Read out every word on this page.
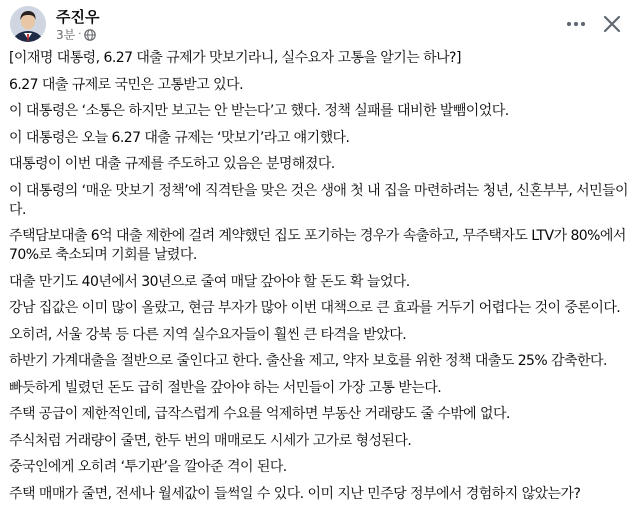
주진우
3분 ·

[이재명 대통령, 6.27 대출 규제가 맛보기라니, 실수요자 고통을 알기는 하나?]

6.27 대출 규제로 국민은 고통받고 있다.

이 대통령은 ‘소통은 하지만 보고는 안 받는다’고 했다. 정책 실패를 대비한 발뺌이었다.

이 대통령은 오늘 6.27 대출 규제는 ‘맛보기’라고 얘기했다.

대통령이 이번 대출 규제를 주도하고 있음은 분명해졌다.

이 대통령의 ‘매운 맛보기 정책’에 직격탄을 맞은 것은 생애 첫 내 집을 마련하려는 청년, 신혼부부, 서민들이다.

주택담보대출 6억 대출 제한에 걸려 계약했던 집도 포기하는 경우가 속출하고, 무주택자도 LTV가 80%에서 70%로 축소되며 기회를 날렸다.

대출 만기도 40년에서 30년으로 줄여 매달 갚아야 할 돈도 확 늘었다.

강남 집값은 이미 많이 올랐고, 현금 부자가 많아 이번 대책으로 큰 효과를 거두기 어렵다는 것이 중론이다.

오히려, 서울 강북 등 다른 지역 실수요자들이 훨씬 큰 타격을 받았다.

하반기 가계대출을 절반으로 줄인다고 한다. 출산율 제고, 약자 보호를 위한 정책 대출도 25% 감축한다.

빠듯하게 빌렸던 돈도 급히 절반을 갚아야 하는 서민들이 가장 고통 받는다.

주택 공급이 제한적인데, 급작스럽게 수요를 억제하면 부동산 거래량도 줄 수밖에 없다.

주식처럼 거래량이 줄면, 한두 번의 매매로도 시세가 고가로 형성된다.

중국인에게 오히려 ‘투기판’을 깔아준 격이 된다.

주택 매매가 줄면, 전세나 월세값이 들썩일 수 있다. 이미 지난 민주당 정부에서 경험하지 않았는가?
